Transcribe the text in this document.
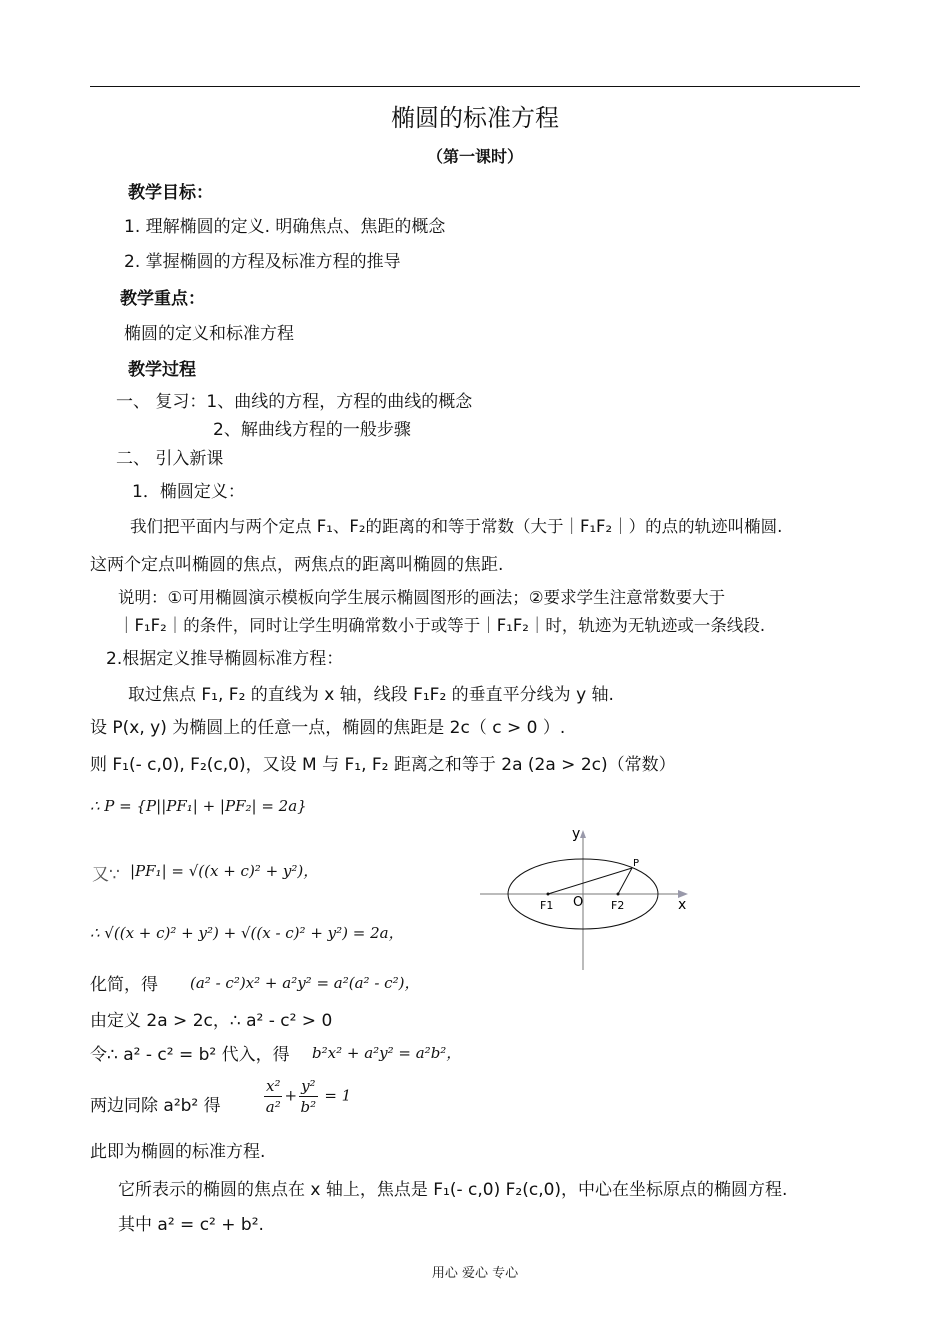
椭圆的标准方程
（第一课时）
教学目标：
1. 理解椭圆的定义. 明确焦点、焦距的概念
2. 掌握椭圆的方程及标准方程的推导
教学重点：
椭圆的定义和标准方程
教学过程
一、 复习：1、曲线的方程，方程的曲线的概念
2、解曲线方程的一般步骤
二、 引入新课
1．椭圆定义：
我们把平面内与两个定点 F₁、F₂的距离的和等于常数（大于｜F₁F₂｜）的点的轨迹叫椭圆.
这两个定点叫椭圆的焦点，两焦点的距离叫椭圆的焦距.
说明：①可用椭圆演示模板向学生展示椭圆图形的画法；②要求学生注意常数要大于
｜F₁F₂｜的条件，同时让学生明确常数小于或等于｜F₁F₂｜时，轨迹为无轨迹或一条线段.
2.根据定义推导椭圆标准方程：
取过焦点 F₁, F₂ 的直线为 x 轴，线段 F₁F₂ 的垂直平分线为 y 轴.
设 P(x, y) 为椭圆上的任意一点，椭圆的焦距是 2c（ c > 0 ）.
则 F₁(- c,0), F₂(c,0)，又设 M 与 F₁, F₂ 距离之和等于 2a (2a > 2c)（常数）
∴ P = {P||PF₁| + |PF₂| = 2a}
又∵ |PF₁| = √((x + c)² + y²)，
∴ √((x + c)² + y²) + √((x - c)² + y²) = 2a，
化简，得 (a² - c²)x² + a²y² = a²(a² - c²)，
由定义 2a > 2c，∴ a² - c² > 0
令∴ a² - c² = b² 代入，得 b²x² + a²y² = a²b²，
两边同除 a²b² 得	$\frac{\text{x²}}{\text{a²}} + \frac{\text{y²}}{\text{b²}} = 1$
此即为椭圆的标准方程.
它所表示的椭圆的焦点在 x 轴上，焦点是 F₁(- c,0) F₂(c,0)，中心在坐标原点的椭圆方程.
其中 a² = c² + b².
y
x
O
F1	F2
P
用心 爱心 专心
